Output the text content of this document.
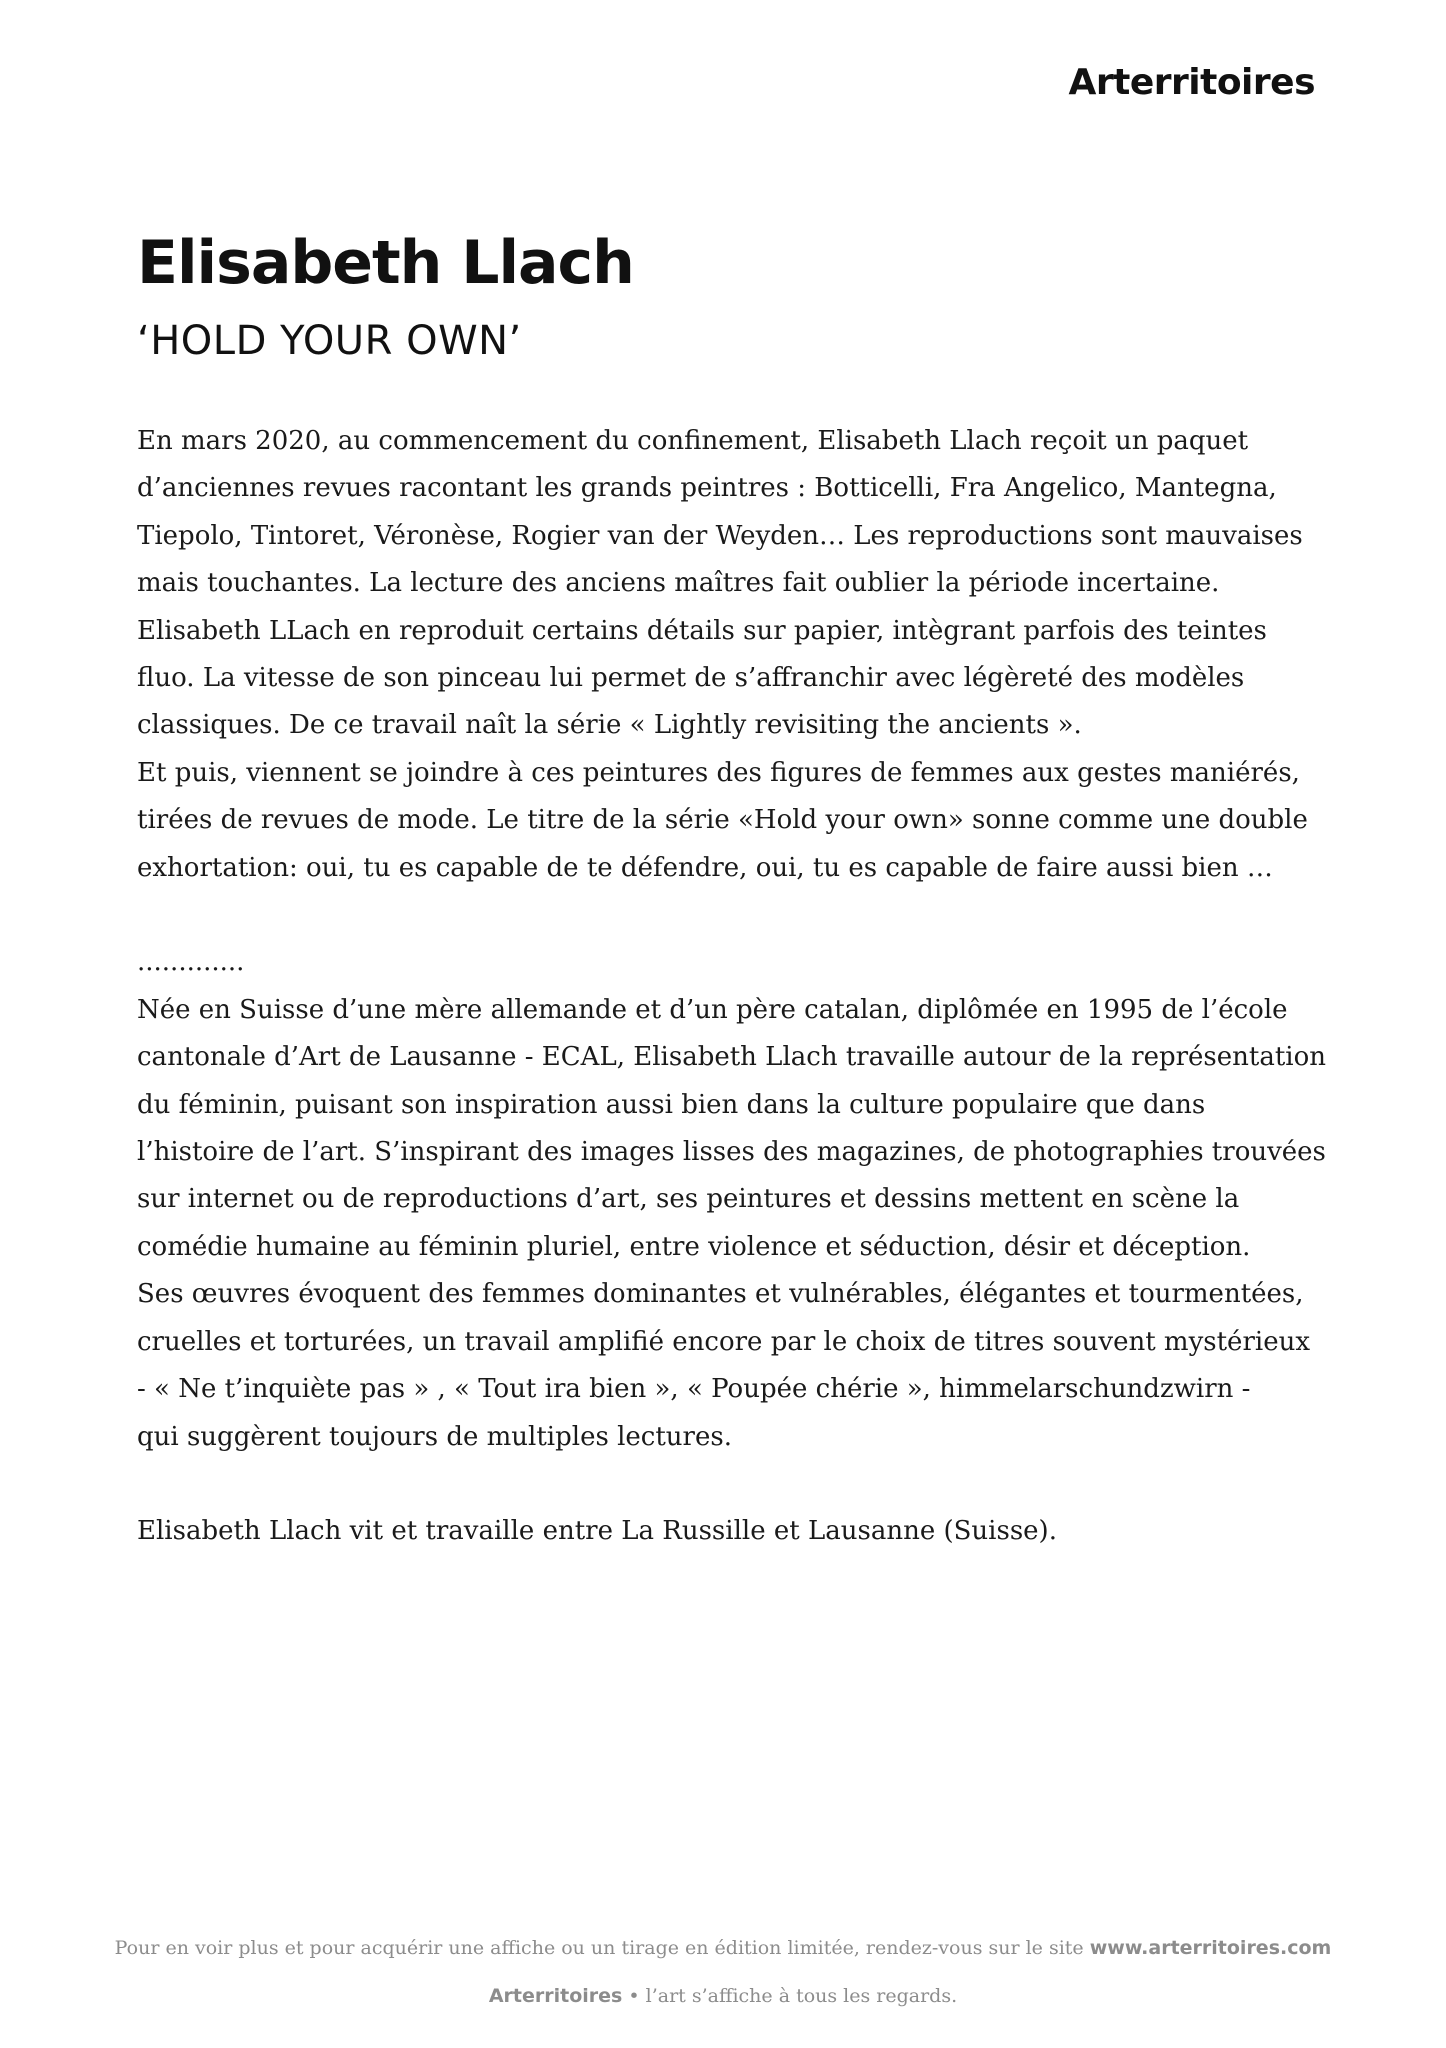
Arterritoires
Elisabeth Llach
‘HOLD YOUR OWN’

En mars 2020, au commencement du confinement, Elisabeth Llach reçoit un paquet

d’anciennes revues racontant les grands peintres : Botticelli, Fra Angelico, Mantegna,

Tiepolo, Tintoret, Véronèse, Rogier van der Weyden… Les reproductions sont mauvaises

mais touchantes. La lecture des anciens maîtres fait oublier la période incertaine.

Elisabeth LLach en reproduit certains détails sur papier, intègrant parfois des teintes

fluo. La vitesse de son pinceau lui permet de s’affranchir avec légèreté des modèles

classiques. De ce travail naît la série « Lightly revisiting the ancients ».

Et puis, viennent se joindre à ces peintures des figures de femmes aux gestes maniérés,

tirées de revues de mode. Le titre de la série «Hold your own» sonne comme une double

exhortation: oui, tu es capable de te défendre, oui, tu es capable de faire aussi bien …

.............

Née en Suisse d’une mère allemande et d’un père catalan, diplômée en 1995 de l’école

cantonale d’Art de Lausanne - ECAL, Elisabeth Llach travaille autour de la représentation

du féminin, puisant son inspiration aussi bien dans la culture populaire que dans

l’histoire de l’art. S’inspirant des images lisses des magazines, de photographies trouvées

sur internet ou de reproductions d’art, ses peintures et dessins mettent en scène la

comédie humaine au féminin pluriel, entre violence et séduction, désir et déception.

Ses œuvres évoquent des femmes dominantes et vulnérables, élégantes et tourmentées,

cruelles et torturées, un travail amplifié encore par le choix de titres souvent mystérieux

- « Ne t’inquiète pas » , « Tout ira bien », « Poupée chérie », himmelarschundzwirn -

qui suggèrent toujours de multiples lectures.

Elisabeth Llach vit et travaille entre La Russille et Lausanne (Suisse).

Pour en voir plus et pour acquérir une affiche ou un tirage en édition limitée, rendez-vous sur le site www.arterritoires.com
Arterritoires • l’art s’affiche à tous les regards.
